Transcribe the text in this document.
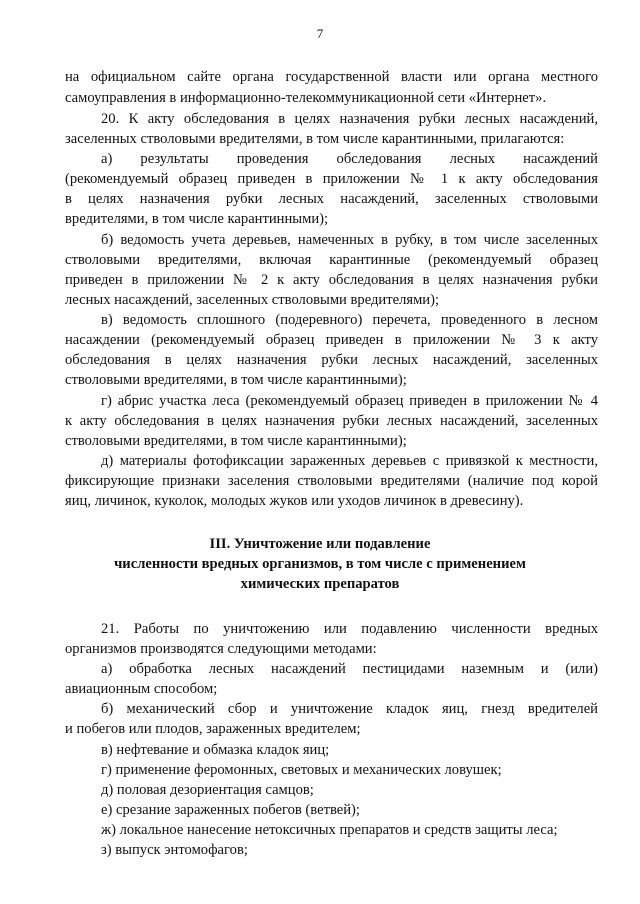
7
на официальном сайте органа государственной власти или органа местного
самоуправления в информационно-телекоммуникационной сети «Интернет».
20. К акту обследования в целях назначения рубки лесных насаждений,
заселенных стволовыми вредителями, в том числе карантинными, прилагаются:
а) результаты проведения обследования лесных насаждений
(рекомендуемый образец приведен в приложении № 1 к акту обследования
в целях назначения рубки лесных насаждений, заселенных стволовыми
вредителями, в том числе карантинными);
б) ведомость учета деревьев, намеченных в рубку, в том числе заселенных
стволовыми вредителями, включая карантинные (рекомендуемый образец
приведен в приложении № 2 к акту обследования в целях назначения рубки
лесных насаждений, заселенных стволовыми вредителями);
в) ведомость сплошного (подеревного) перечета, проведенного в лесном
насаждении (рекомендуемый образец приведен в приложении № 3 к акту
обследования в целях назначения рубки лесных насаждений, заселенных
стволовыми вредителями, в том числе карантинными);
г) абрис участка леса (рекомендуемый образец приведен в приложении № 4
к акту обследования в целях назначения рубки лесных насаждений, заселенных
стволовыми вредителями, в том числе карантинными);
д) материалы фотофиксации зараженных деревьев с привязкой к местности,
фиксирующие признаки заселения стволовыми вредителями (наличие под корой
яиц, личинок, куколок, молодых жуков или уходов личинок в древесину).
III. Уничтожение или подавление
численности вредных организмов, в том числе с применением
химических препаратов
21. Работы по уничтожению или подавлению численности вредных
организмов производятся следующими методами:
а) обработка лесных насаждений пестицидами наземным и (или)
авиационным способом;
б) механический сбор и уничтожение кладок яиц, гнезд вредителей
и побегов или плодов, зараженных вредителем;
в) нефтевание и обмазка кладок яиц;
г) применение феромонных, световых и механических ловушек;
д) половая дезориентация самцов;
е) срезание зараженных побегов (ветвей);
ж) локальное нанесение нетоксичных препаратов и средств защиты леса;
з) выпуск энтомофагов;
